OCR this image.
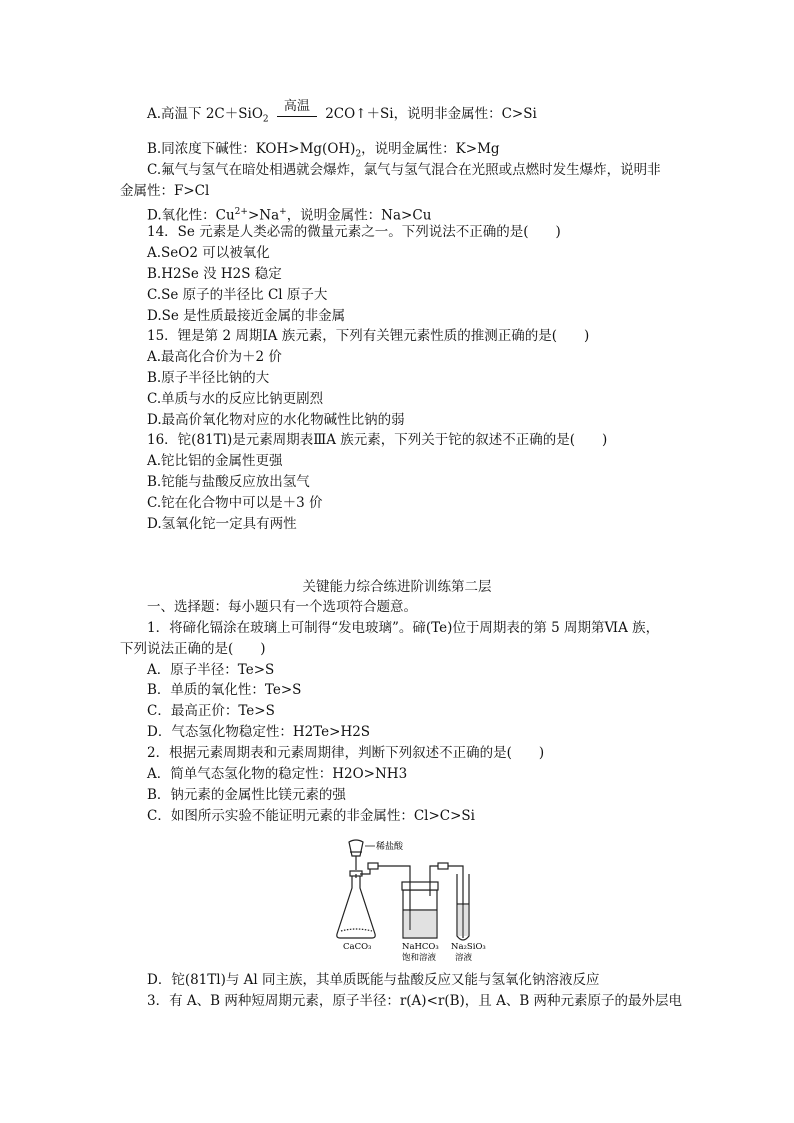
A.高温下 2C＋SiO$_2$
高温	2CO↑＋Si，说明非金属性：C>Si
B.同浓度下碱性：$KOH>Mg(OH)_2$，说明金属性：K>Mg
C.氟气与氢气在暗处相遇就会爆炸，氯气与氢气混合在光照或点燃时发生爆炸，说明非
金属性：F>Cl
D.氧化性：$Cu^{2+}>Na^+$，说明金属性：Na>Cu
14．Se 元素是人类必需的微量元素之一。下列说法不正确的是(　　)
A.SeO2 可以被氧化
B.H2Se 没 H2S 稳定
C.Se 原子的半径比 Cl 原子大
D.Se 是性质最接近金属的非金属
15．锂是第 2 周期ⅠA 族元素，下列有关锂元素性质的推测正确的是(　　)
A.最高化合价为＋2 价
B.原子半径比钠的大
C.单质与水的反应比钠更剧烈
D.最高价氧化物对应的水化物碱性比钠的弱
16．铊(81Tl)是元素周期表ⅢA 族元素，下列关于铊的叙述不正确的是(　　)
A.铊比铝的金属性更强
B.铊能与盐酸反应放出氢气
C.铊在化合物中可以是＋3 价
D.氢氧化铊一定具有两性
关键能力综合练进阶训练第二层
一、选择题：每小题只有一个选项符合题意。
1．将碲化镉涂在玻璃上可制得“发电玻璃”。碲(Te)位于周期表的第 5 周期第ⅥA 族，
下列说法正确的是(　　)
A．原子半径：Te>S
B．单质的氧化性：Te>S
C．最高正价：Te>S
D．气态氢化物稳定性：H2Te>H2S
2．根据元素周期表和元素周期律，判断下列叙述不正确的是(　　)
A．简单气态氢化物的稳定性：H2O>NH3
B．钠元素的金属性比镁元素的强
C．如图所示实验不能证明元素的非金属性：Cl>C>Si
稀盐酸
CaCO₃	NaHCO₃
饱和溶液
Na₂SiO₃
溶液
D．铊(81Tl)与 Al 同主族，其单质既能与盐酸反应又能与氢氧化钠溶液反应
3．有 A、B 两种短周期元素，原子半径：r(A)<r(B)，且 A、B 两种元素原子的最外层电
